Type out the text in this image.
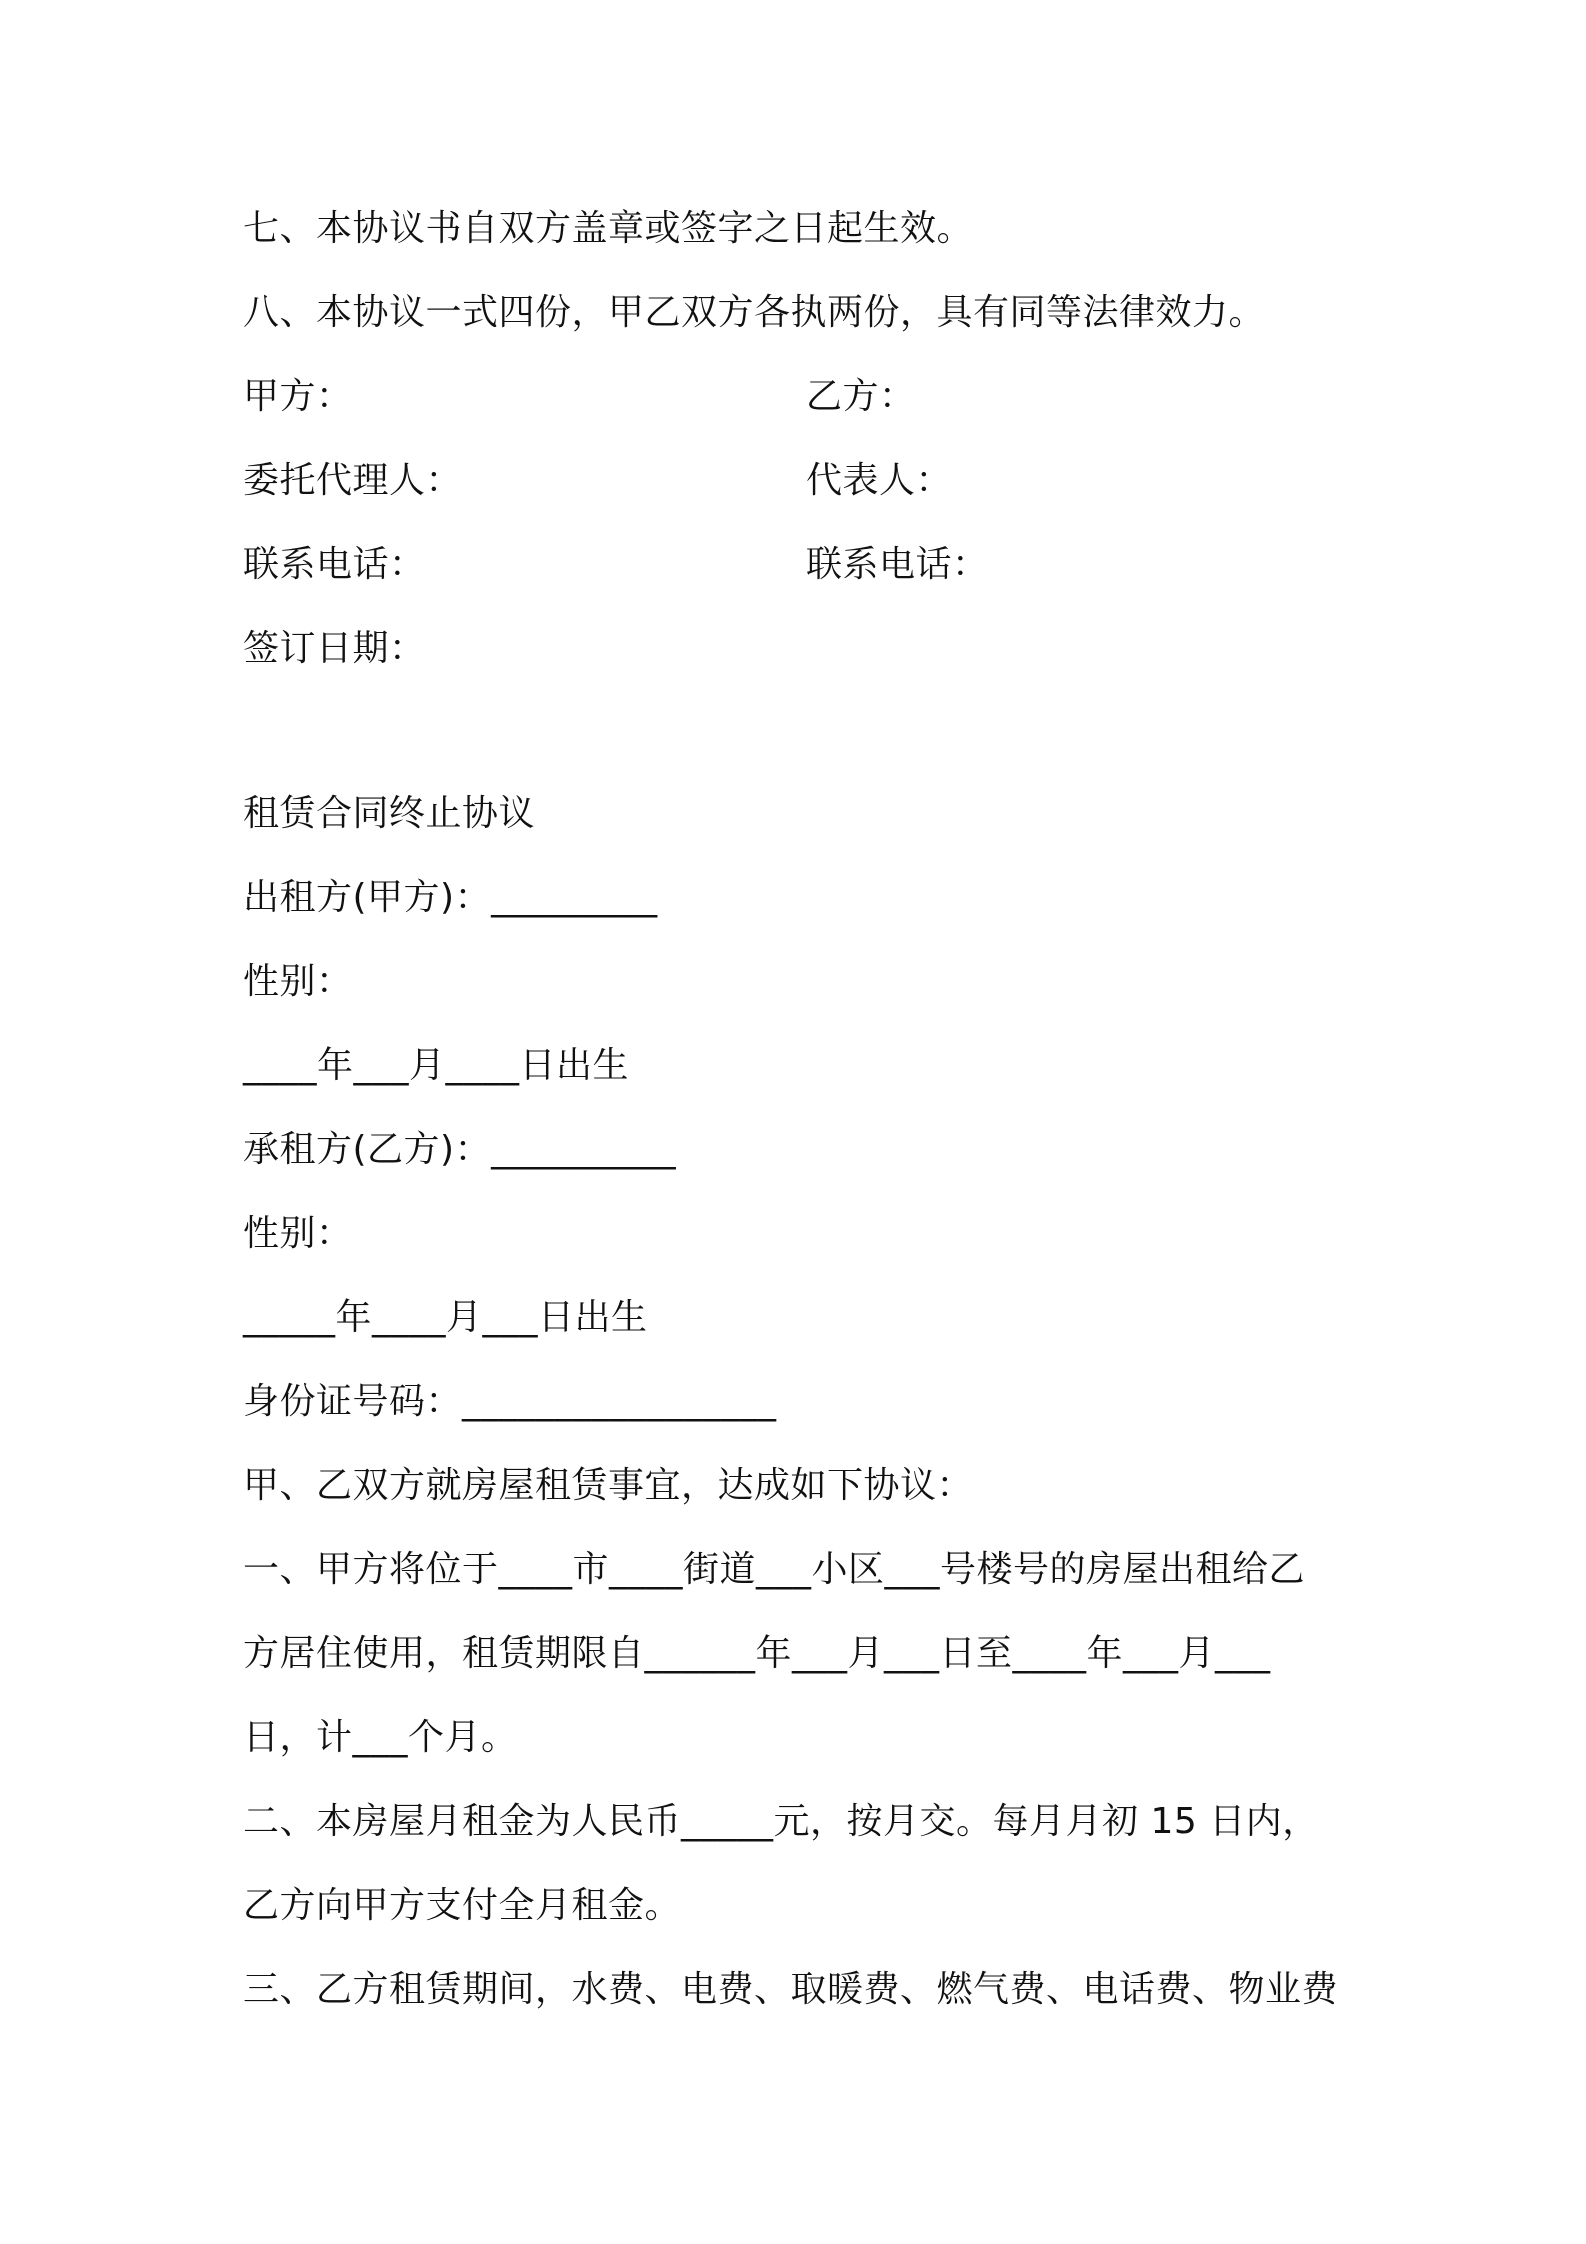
七、本协议书自双方盖章或签字之日起生效。
八、本协议一式四份，甲乙双方各执两份，具有同等法律效力。
甲方：	乙方：
委托代理人：	代表人：
联系电话：	联系电话：
签订日期：
租赁合同终止协议
出租方(甲方)：_________
性别：
____年___月____日出生
承租方(乙方)：__________
性别：
_____年____月___日出生
身份证号码：_________________
甲、乙双方就房屋租赁事宜，达成如下协议：
一、甲方将位于____市____街道___小区___号楼号的房屋出租给乙
方居住使用，租赁期限自______年___月___日至____年___月___
日，计___个月。
二、本房屋月租金为人民币_____元，按月交。每月月初 15 日内，
乙方向甲方支付全月租金。
三、乙方租赁期间，水费、电费、取暖费、燃气费、电话费、物业费
